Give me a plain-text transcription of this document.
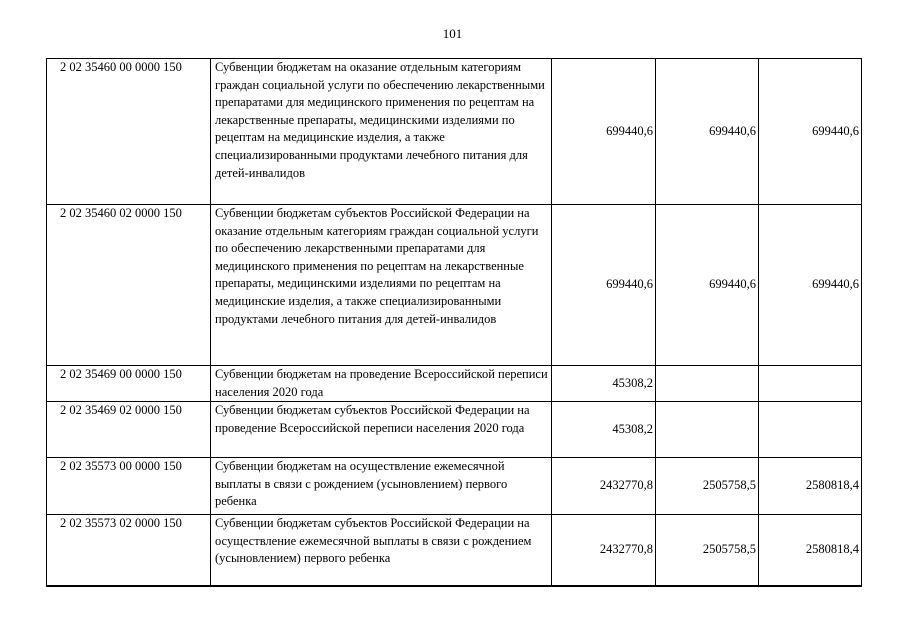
101
2 02 35460 00 0000 150	Субвенции бюджетам на оказание отдельным категориям граждан социальной услуги по обеспечению лекарственными препаратами для медицинского применения по рецептам на лекарственные препараты, медицинскими изделиями по рецептам на медицинские изделия, а также специализированными продуктами лечебного питания для детей-инвалидов	699440,6	699440,6	699440,6
2 02 35460 02 0000 150	Субвенции бюджетам субъектов Российской Федерации на оказание отдельным категориям граждан социальной услуги по обеспечению лекарственными препаратами для медицинского применения по рецептам на лекарственные препараты, медицинскими изделиями по рецептам на медицинские изделия, а также специализированными продуктами лечебного питания для детей-инвалидов	699440,6	699440,6	699440,6
2 02 35469 00 0000 150	Субвенции бюджетам на проведение Всероссийской переписи населения 2020 года	45308,2		
2 02 35469 02 0000 150	Субвенции бюджетам субъектов Российской Федерации на проведение Всероссийской переписи населения 2020 года	45308,2		
2 02 35573 00 0000 150	Субвенции бюджетам на осуществление ежемесячной выплаты в связи с рождением (усыновлением) первого ребенка	2432770,8	2505758,5	2580818,4
2 02 35573 02 0000 150	Субвенции бюджетам субъектов Российской Федерации на осуществление ежемесячной выплаты в связи с рождением (усыновлением) первого ребенка	2432770,8	2505758,5	2580818,4
